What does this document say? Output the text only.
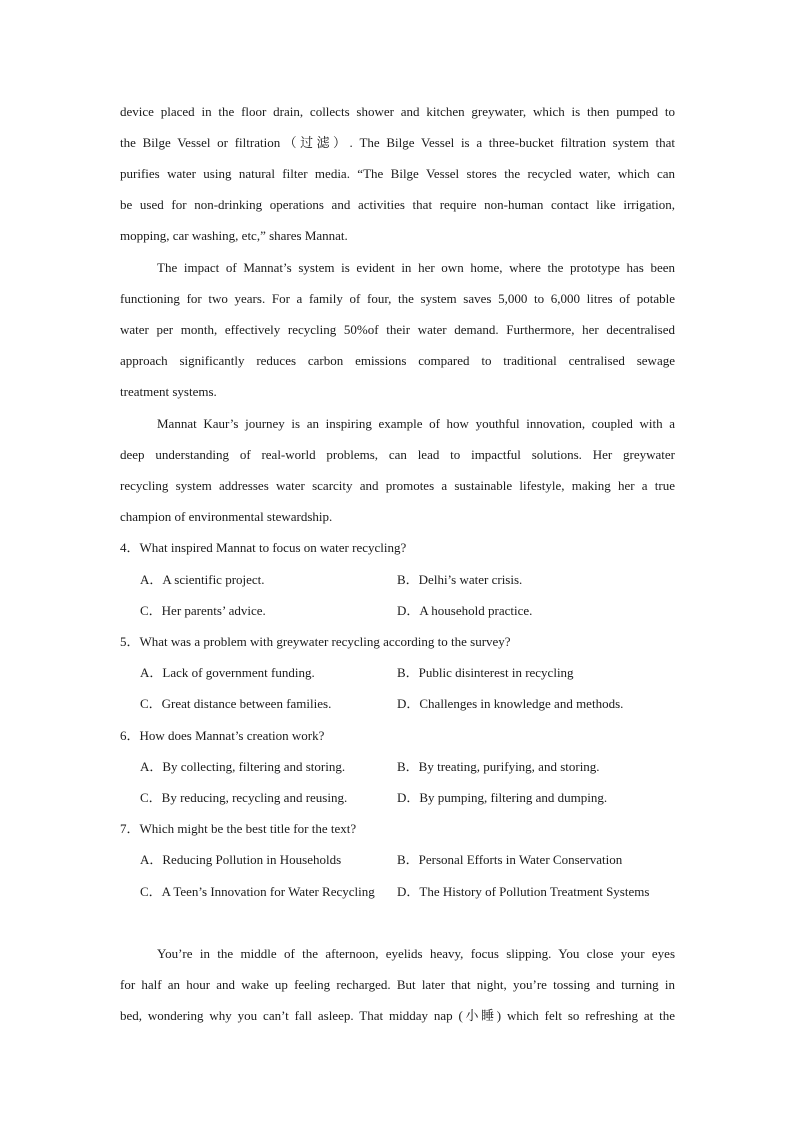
device placed in the floor drain, collects shower and kitchen greywater, which is then pumped to
the Bilge Vessel or filtration（过滤）. The Bilge Vessel is a three-bucket filtration system that
purifies water using natural filter media. “The Bilge Vessel stores the recycled water, which can
be used for non-drinking operations and activities that require non-human contact like irrigation,
mopping, car washing, etc,” shares Mannat.
The impact of Mannat’s system is evident in her own home, where the prototype has been
functioning for two years. For a family of four, the system saves 5,000 to 6,000 litres of potable
water per month, effectively recycling 50%of their water demand. Furthermore, her decentralised
approach significantly reduces carbon emissions compared to traditional centralised sewage
treatment systems.
Mannat Kaur’s journey is an inspiring example of how youthful innovation, coupled with a
deep understanding of real-world problems, can lead to impactful solutions. Her greywater
recycling system addresses water scarcity and promotes a sustainable lifestyle, making her a true
champion of environmental stewardship.
4．What inspired Mannat to focus on water recycling?
A．A scientific project.	B．Delhi’s water crisis.
C．Her parents’ advice.	D．A household practice.
5．What was a problem with greywater recycling according to the survey?
A．Lack of government funding.	B．Public disinterest in recycling
C．Great distance between families.	D．Challenges in knowledge and methods.
6．How does Mannat’s creation work?
A．By collecting, filtering and storing.	B．By treating, purifying, and storing.
C．By reducing, recycling and reusing.	D．By pumping, filtering and dumping.
7．Which might be the best title for the text?
A．Reducing Pollution in Households	B．Personal Efforts in Water Conservation
C．A Teen’s Innovation for Water Recycling D．The History of Pollution Treatment Systems
You’re in the middle of the afternoon, eyelids heavy, focus slipping. You close your eyes
for half an hour and wake up feeling recharged. But later that night, you’re tossing and turning in
bed, wondering why you can’t fall asleep. That midday nap (小睡) which felt so refreshing at the
